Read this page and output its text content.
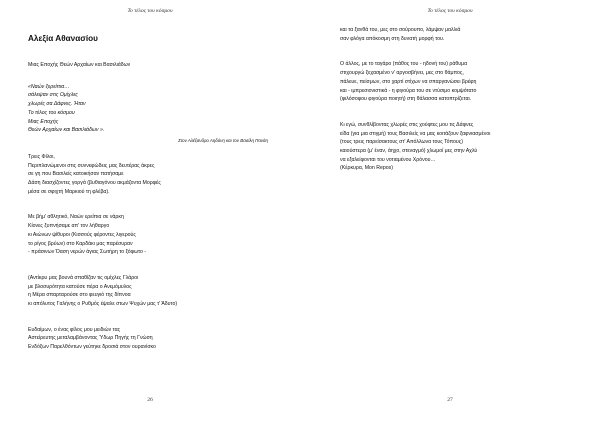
Το τέλος του κόσμου
Αλεξία Αθανασίου

Μιας Εποχής Θεών Αρχαίων και Βασιλιάδων

«Ναών ξερείπια…

σάλεψαν στις Ομίχλες

χλωρές σα Δάφνες. Ήταν

Το τέλος του κόσμου

Μιας Εποχής

Θεών Αρχαίων και Βασιλιάδων ».

Στον Αλέξανδρο Αηδόνη και τον Βασίλη Πανάη

Τρεις Φίλοι,

Περιπλανώμενοι στις συννεφώδεις μας δευτέρας άκρες

σε γη που Βασιλείς κατοικήσαν πατήσαμε

Δάση διασχίζοντες γοργά (βυθιαγόνου ακμάζοντα Μορφές

μέσα σε σφιχτή Μαρκιού τη φλέβα).

Με βήμ' αθλητικό, Ναών ερείπια σε νάρκη

Κίονες ξυπνήσαμε απ' τον λήθαργο

κι Αιώνων ψίθυροι (Κισσούς φέροντες λιγερούς

το ρίγος βρύων) στο Καρδάκι μας παρέσυραν

- πράσινων Όαση νερών άγιας Σωτήρη το ξόφωτο -

(Αντίκρυ μας βουνά σπαθίζαν τις ομίχλες Γλάροι

με βλοσυρότητα κατούσε πέρα ο Ανεμόμυλος

η Μέρα σπαρταρούσε στο φευγιό της δίπνοα

κι απόλυτος Γαλήνης ο Ρυθμός έψαλε στων Ψυχών μας τ' Άδυτο)

Ευδαίμων, ο ένας φίλος μου μειδιών τας

Αστείρευτης μεταλαμβάνοντας Ύδωρ Πηγής τη Γνώση

Ενδόξων Παρελθόντων γεύτηκε δροσιά στον ουρανίσκο

26
Το τέλος του κόσμου

και τα ξανθά του, μες στο σούρουπο, λάμψαν μαλλιά

σαν φλόγα απόκοσμη στη δυνατή μορφή του.

Ο άλλος, με το ταγάρο (πάθος του - ηδονή του) ράθυμα

στιχουργώ ξεχασμένο ν' αργοσβήνει, μες στο θάμπος,

πάλευε, πείσμων, στο χαρτί στίχων να σπαργανώσει βρέφη

και - ιμπρεσιονιστικά - η φιγούρα του σε ντύσιμο κομψότατο

(φιλόσοφου φιγούρα ποιητή) στη θάλασσα κατοπτρίζεται.

Κι εγώ, συνθλίβοντας χλωρές στις χούφτες μου τις Δάφνες

είδα (για μια στιγμή) τους Βασιλείς να μας κοιτάζουν ξαφνιασμένοι

(τους τρεις παρείσακτους στ' Απόλλωνα τους Τόπους)

καιούστερα (μ' έναν, άηχο, στεναγμό) χλωμοί μες στην Αχλύ

να εξαλείφονται του νοτιαμένου Χρόνου…

(Κέρκυρα, Mon Repos)

27
